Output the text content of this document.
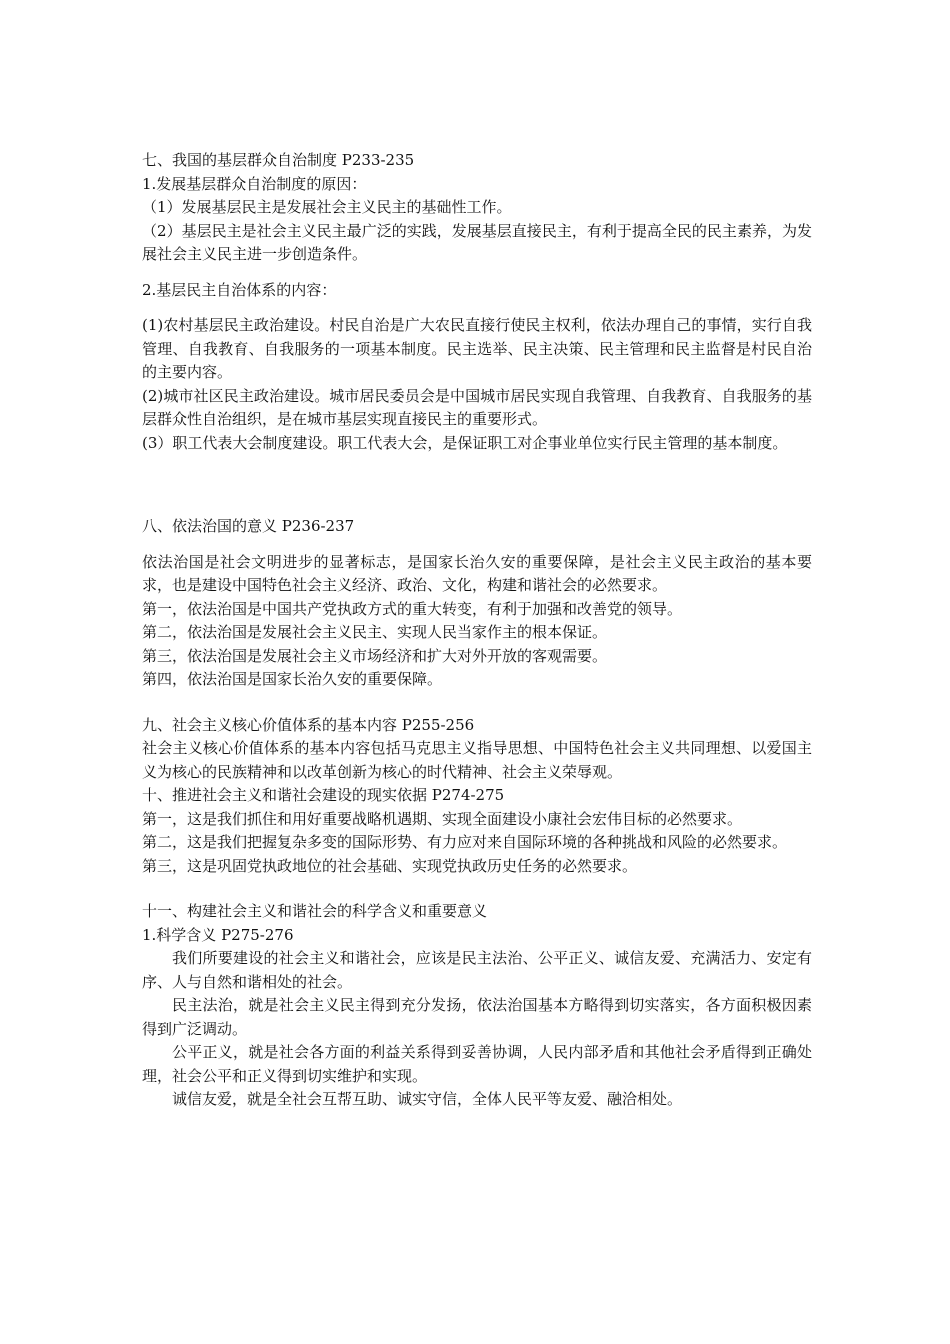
七、我国的基层群众自治制度 P233-235

1.发展基层群众自治制度的原因：

（1）发展基层民主是发展社会主义民主的基础性工作。

（2）基层民主是社会主义民主最广泛的实践，发展基层直接民主，有利于提高全民的民主素养，为发展社会主义民主进一步创造条件。

2.基层民主自治体系的内容：

(1)农村基层民主政治建设。村民自治是广大农民直接行使民主权利，依法办理自己的事情，实行自我管理、自我教育、自我服务的一项基本制度。民主选举、民主决策、民主管理和民主监督是村民自治的主要内容。

(2)城市社区民主政治建设。城市居民委员会是中国城市居民实现自我管理、自我教育、自我服务的基层群众性自治组织，是在城市基层实现直接民主的重要形式。

(3）职工代表大会制度建设。职工代表大会，是保证职工对企事业单位实行民主管理的基本制度。

八、依法治国的意义 P236-237

依法治国是社会文明进步的显著标志，是国家长治久安的重要保障，是社会主义民主政治的基本要求，也是建设中国特色社会主义经济、政治、文化，构建和谐社会的必然要求。

第一，依法治国是中国共产党执政方式的重大转变，有利于加强和改善党的领导。

第二，依法治国是发展社会主义民主、实现人民当家作主的根本保证。

第三，依法治国是发展社会主义市场经济和扩大对外开放的客观需要。

第四，依法治国是国家长治久安的重要保障。

九、社会主义核心价值体系的基本内容 P255-256

社会主义核心价值体系的基本内容包括马克思主义指导思想、中国特色社会主义共同理想、以爱国主义为核心的民族精神和以改革创新为核心的时代精神、社会主义荣辱观。

十、推进社会主义和谐社会建设的现实依据 P274-275

第一，这是我们抓住和用好重要战略机遇期、实现全面建设小康社会宏伟目标的必然要求。

第二，这是我们把握复杂多变的国际形势、有力应对来自国际环境的各种挑战和风险的必然要求。

第三，这是巩固党执政地位的社会基础、实现党执政历史任务的必然要求。

十一、构建社会主义和谐社会的科学含义和重要意义

1.科学含义 P275-276

我们所要建设的社会主义和谐社会，应该是民主法治、公平正义、诚信友爱、充满活力、安定有序、人与自然和谐相处的社会。

民主法治，就是社会主义民主得到充分发扬，依法治国基本方略得到切实落实，各方面积极因素得到广泛调动。

公平正义，就是社会各方面的利益关系得到妥善协调，人民内部矛盾和其他社会矛盾得到正确处理，社会公平和正义得到切实维护和实现。

诚信友爱，就是全社会互帮互助、诚实守信，全体人民平等友爱、融洽相处。
